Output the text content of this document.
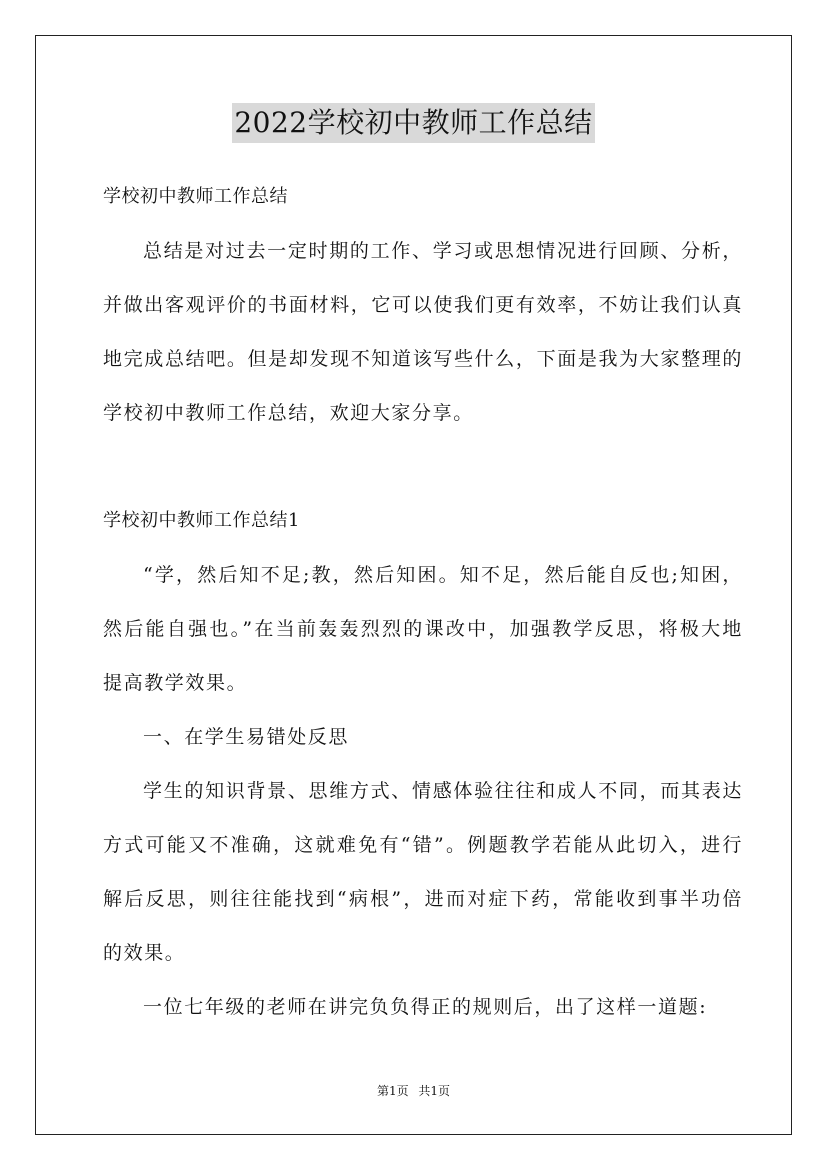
2022学校初中教师工作总结

学校初中教师工作总结

总结是对过去一定时期的工作、学习或思想情况进行回顾、分析，并做出客观评价的书面材料，它可以使我们更有效率，不妨让我们认真地完成总结吧。但是却发现不知道该写些什么，下面是我为大家整理的学校初中教师工作总结，欢迎大家分享。

学校初中教师工作总结1

“学，然后知不足;教，然后知困。知不足，然后能自反也;知困，然后能自强也。”在当前轰轰烈烈的课改中，加强教学反思，将极大地提高教学效果。

一、在学生易错处反思

学生的知识背景、思维方式、情感体验往往和成人不同，而其表达方式可能又不准确，这就难免有“错”。例题教学若能从此切入，进行解后反思，则往往能找到“病根”，进而对症下药，常能收到事半功倍的效果。

一位七年级的老师在讲完负负得正的规则后，出了这样一道题:

第1页 共1页
